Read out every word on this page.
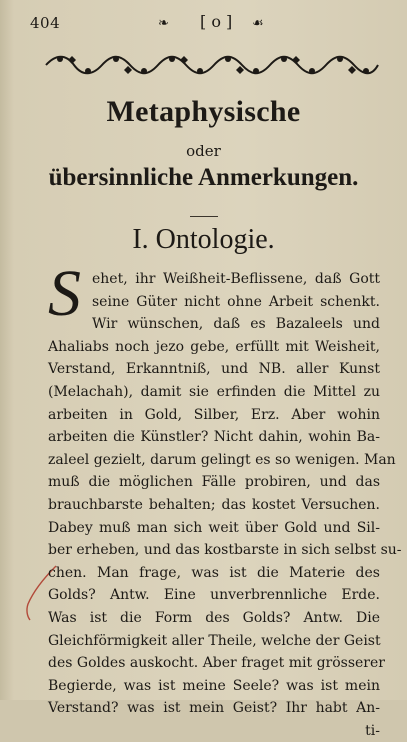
404	❧ [ o ] ☙
Metaphysische
oder
übersinnliche Anmerkungen.
I. Ontologie.
S ehet, ihr Weißheit-Beflissene, daß Gott
seine Güter nicht ohne Arbeit schenkt.
Wir wünschen, daß es Bazaleels und
Ahaliabs noch jezo gebe, erfüllt mit Weisheit,
Verstand, Erkanntniß, und NB. aller Kunst
(Melachah), damit sie erfinden die Mittel zu
arbeiten in Gold, Silber, Erz. Aber wohin
arbeiten die Künstler? Nicht dahin, wohin Ba-
zaleel gezielt, darum gelingt es so wenigen. Man
muß die möglichen Fälle probiren, und das
brauchbarste behalten; das kostet Versuchen.
Dabey muß man sich weit über Gold und Sil-
ber erheben, und das kostbarste in sich selbst su-
chen. Man frage, was ist die Materie des
Golds? Antw. Eine unverbrennliche Erde.
Was ist die Form des Golds? Antw. Die
Gleichförmigkeit aller Theile, welche der Geist
des Goldes auskocht. Aber fraget mit grösserer
Begierde, was ist meine Seele? was ist mein
Verstand? was ist mein Geist? Ihr habt An-
ti-
